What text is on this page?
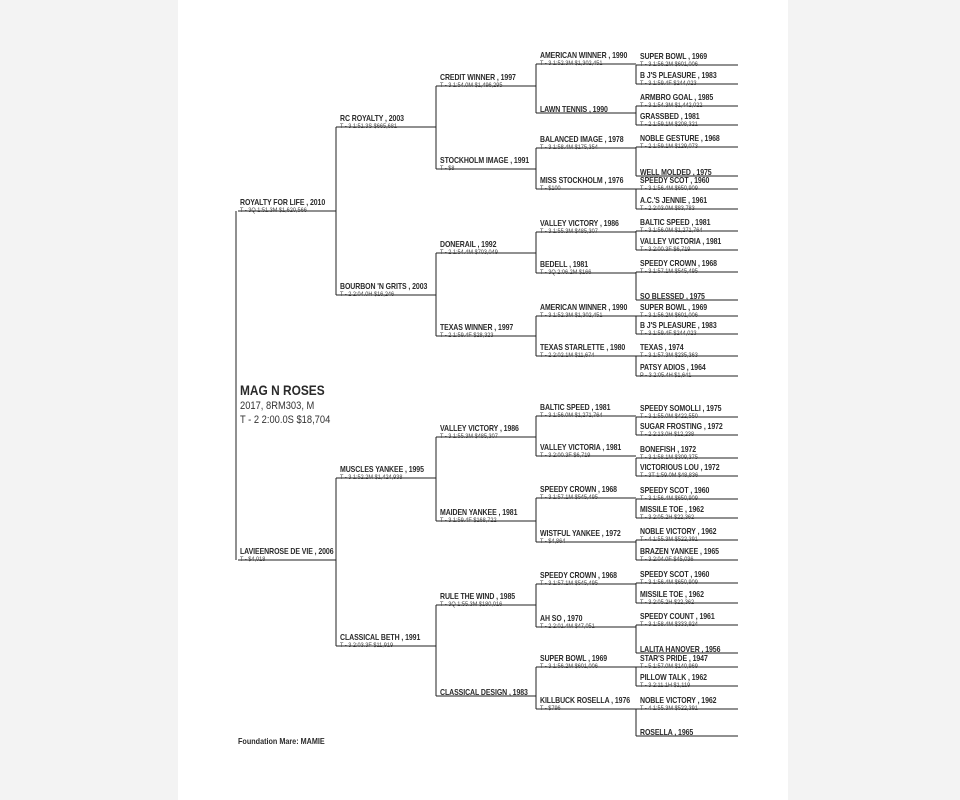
ROYALTY FOR LIFE , 2010
T - 3Q 1:51.3M $1,620,566
LAVIEENROSE DE VIE , 2006
T - $4,018
RC ROYALTY , 2003
T - 3 1:51.3S $665,681
BOURBON 'N GRITS , 2003
T - 2 2:04.0H $16,246
MUSCLES YANKEE , 1995
T - 3 1:52.2M $1,424,938
CLASSICAL BETH , 1991
T - 3 2:03.3F $11,919
CREDIT WINNER , 1997
T - 3 1:54.0M $1,496,295
STOCKHOLM IMAGE , 1991
T - $8
DONERAIL , 1992
T - 2 1:54.4M $703,049
TEXAS WINNER , 1997
T - 2 1:59.4F $28,323
VALLEY VICTORY , 1986
T - 3 1:55.3M $485,307
MAIDEN YANKEE , 1981
T - 3 1:59.4F $168,722
RULE THE WIND , 1985
T - 3Q 1:55.3M $180,016
CLASSICAL DESIGN , 1983
AMERICAN WINNER , 1990
T - 3 1:52.3M $1,302,451
LAWN TENNIS , 1990
BALANCED IMAGE , 1978
T - 3 1:58.4M $175,354
MISS STOCKHOLM , 1976
T - $100
VALLEY VICTORY , 1986
T - 3 1:55.3M $485,307
BEDELL , 1981
T - 3Q 2:06.2M $166
AMERICAN WINNER , 1990
T - 3 1:52.3M $1,302,451
TEXAS STARLETTE , 1980
T - 2 2:02.1M $11,674
BALTIC SPEED , 1981
T - 3 1:56.0M $1,271,764
VALLEY VICTORIA , 1981
T - 3 2:00.3F $6,719
SPEEDY CROWN , 1968
T - 3 1:57.1M $545,495
WISTFUL YANKEE , 1972
T - $4,864
SPEEDY CROWN , 1968
T - 3 1:57.1M $545,495
AH SO , 1970
T - 2 2:01.4M $47,051
SUPER BOWL , 1969
T - 3 1:56.2M $601,006
KILLBUCK ROSELLA , 1976
T - $796
SUPER BOWL , 1969
T - 3 1:56.2M $601,006
B J'S PLEASURE , 1983
T - 3 1:59.4F $244,023
ARMBRO GOAL , 1985
T - 3 1:54.3M $1,442,022
GRASSBED , 1981
T - 2 1:59.1M $208,321
NOBLE GESTURE , 1968
T - 2 1:59.1M $129,073
WELL MOLDED , 1975
SPEEDY SCOT , 1960
T - 3 1:56.4M $650,909
A.C.'S JENNIE , 1961
T - 2 2:03.0M $83,783
BALTIC SPEED , 1981
T - 3 1:56.0M $1,271,764
VALLEY VICTORIA , 1981
T - 3 2:00.3F $6,719
SPEEDY CROWN , 1968
T - 3 1:57.1M $545,495
SO BLESSED , 1975
SUPER BOWL , 1969
T - 3 1:56.2M $601,006
B J'S PLEASURE , 1983
T - 3 1:59.4F $244,023
TEXAS , 1974
T - 3 1:57.3M $235,363
PATSY ADIOS , 1964
P - 3 2:05.4H $1,641
SPEEDY SOMOLLI , 1975
T - 3 1:55.0M $422,550
SUGAR FROSTING , 1972
T - 2 2:13.0H $12,238
BONEFISH , 1972
T - 3 1:58.1M $309,375
VICTORIOUS LOU , 1972
T - 3T 1:59.0M $48,836
SPEEDY SCOT , 1960
T - 3 1:56.4M $650,909
MISSILE TOE , 1962
T - 3 2:05.2H $22,362
NOBLE VICTORY , 1962
T - 4 1:55.3M $522,391
BRAZEN YANKEE , 1965
T - 3 2:04.0F $45,036
SPEEDY SCOT , 1960
T - 3 1:56.4M $650,909
MISSILE TOE , 1962
T - 3 2:05.2H $22,362
SPEEDY COUNT , 1961
T - 3 1:58.4M $333,924
LALITA HANOVER , 1956
STAR'S PRIDE , 1947
T - 5 1:57.0M $140,969
PILLOW TALK , 1962
T - 3 2:11.1H $1,119
NOBLE VICTORY , 1962
T - 4 1:55.3M $522,391
ROSELLA , 1965
MAG N ROSES
2017, 8RM303, M
T - 2 2:00.0S $18,704
Foundation Mare: MAMIE
